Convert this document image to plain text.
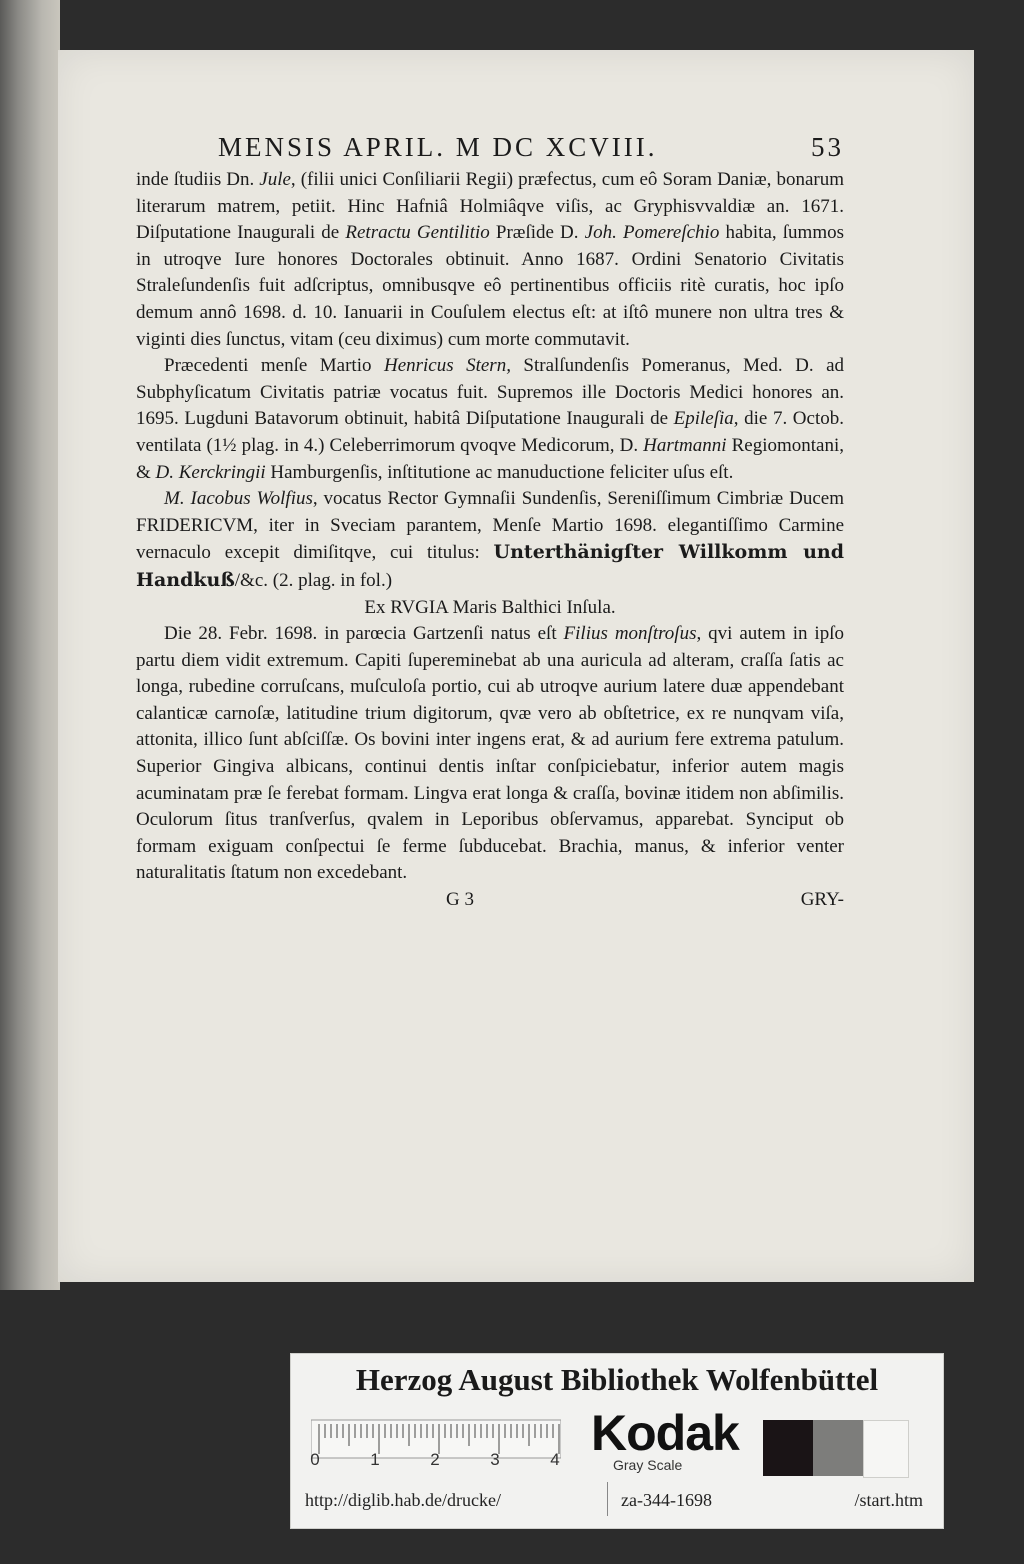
MENSIS APRIL. M DC XCVIII.	53

inde ſtudiis Dn. Jule, (filii unici Conſiliarii Regii) præfectus, cum eô Soram Daniæ, bonarum literarum matrem, petiit. Hinc Hafniâ Holmiâqve viſis, ac Gryphisvvaldiæ an. 1671. Diſputatione Inaugurali de Retractu Gentilitio Præſide D. Joh. Pomereſchio habita, ſummos in utroqve Iure honores Doctorales obtinuit. Anno 1687. Ordini Senatorio Civitatis Straleſundenſis fuit adſcriptus, omnibusqve eô pertinentibus officiis ritè curatis, hoc ipſo demum annô 1698. d. 10. Ianuarii in Couſulem electus eſt: at iſtô munere non ultra tres & viginti dies ſunctus, vitam (ceu diximus) cum morte commutavit.

Præcedenti menſe Martio Henricus Stern, Stralſundenſis Pomeranus, Med. D. ad Subphyſicatum Civitatis patriæ vocatus fuit. Supremos ille Doctoris Medici honores an. 1695. Lugduni Batavorum obtinuit, habitâ Diſputatione Inaugurali de Epileſia, die 7. Octob. ventilata (1½ plag. in 4.) Celeberrimorum qvoqve Medicorum, D. Hartmanni Regiomontani, & D. Kerckringii Hamburgenſis, inſtitutione ac manuductione feliciter uſus eſt.

M. Iacobus Wolfius, vocatus Rector Gymnaſii Sundenſis, Sereniſſimum Cimbriæ Ducem FRIDERICVM, iter in Sveciam parantem, Menſe Martio 1698. elegantiſſimo Carmine vernaculo excepit dimiſitqve, cui titulus: Unterthänigſter Willkomm und Handkuß/&c. (2. plag. in fol.)

Ex RVGIA Maris Balthici Inſula.

Die 28. Febr. 1698. in parœcia Gartzenſi natus eſt Filius monſtroſus, qvi autem in ipſo partu diem vidit extremum. Capiti ſupereminebat ab una auricula ad alteram, craſſa ſatis ac longa, rubedine corruſcans, muſculoſa portio, cui ab utroqve aurium latere duæ appendebant calanticæ carnoſæ, latitudine trium digitorum, qvæ vero ab obſtetrice, ex re nunqvam viſa, attonita, illico ſunt abſciſſæ. Os bovini inter ingens erat, & ad aurium fere extrema patulum. Superior Gingiva albicans, continui dentis inſtar conſpiciebatur, inferior autem magis acuminatam præ ſe ferebat formam. Lingva erat longa & craſſa, bovinæ itidem non abſimilis. Oculorum ſitus tranſverſus, qvalem in Leporibus obſervamus, apparebat. Synciput ob formam exiguam conſpectui ſe ferme ſubducebat. Brachia, manus, & inferior venter naturalitatis ſtatum non excedebant.

G 3	GRY-
Herzog August Bibliothek Wolfenbüttel
0	1	2	3	4 Kodak
Gray Scale
http://diglib.hab.de/drucke/	za-344-1698	/start.htm
